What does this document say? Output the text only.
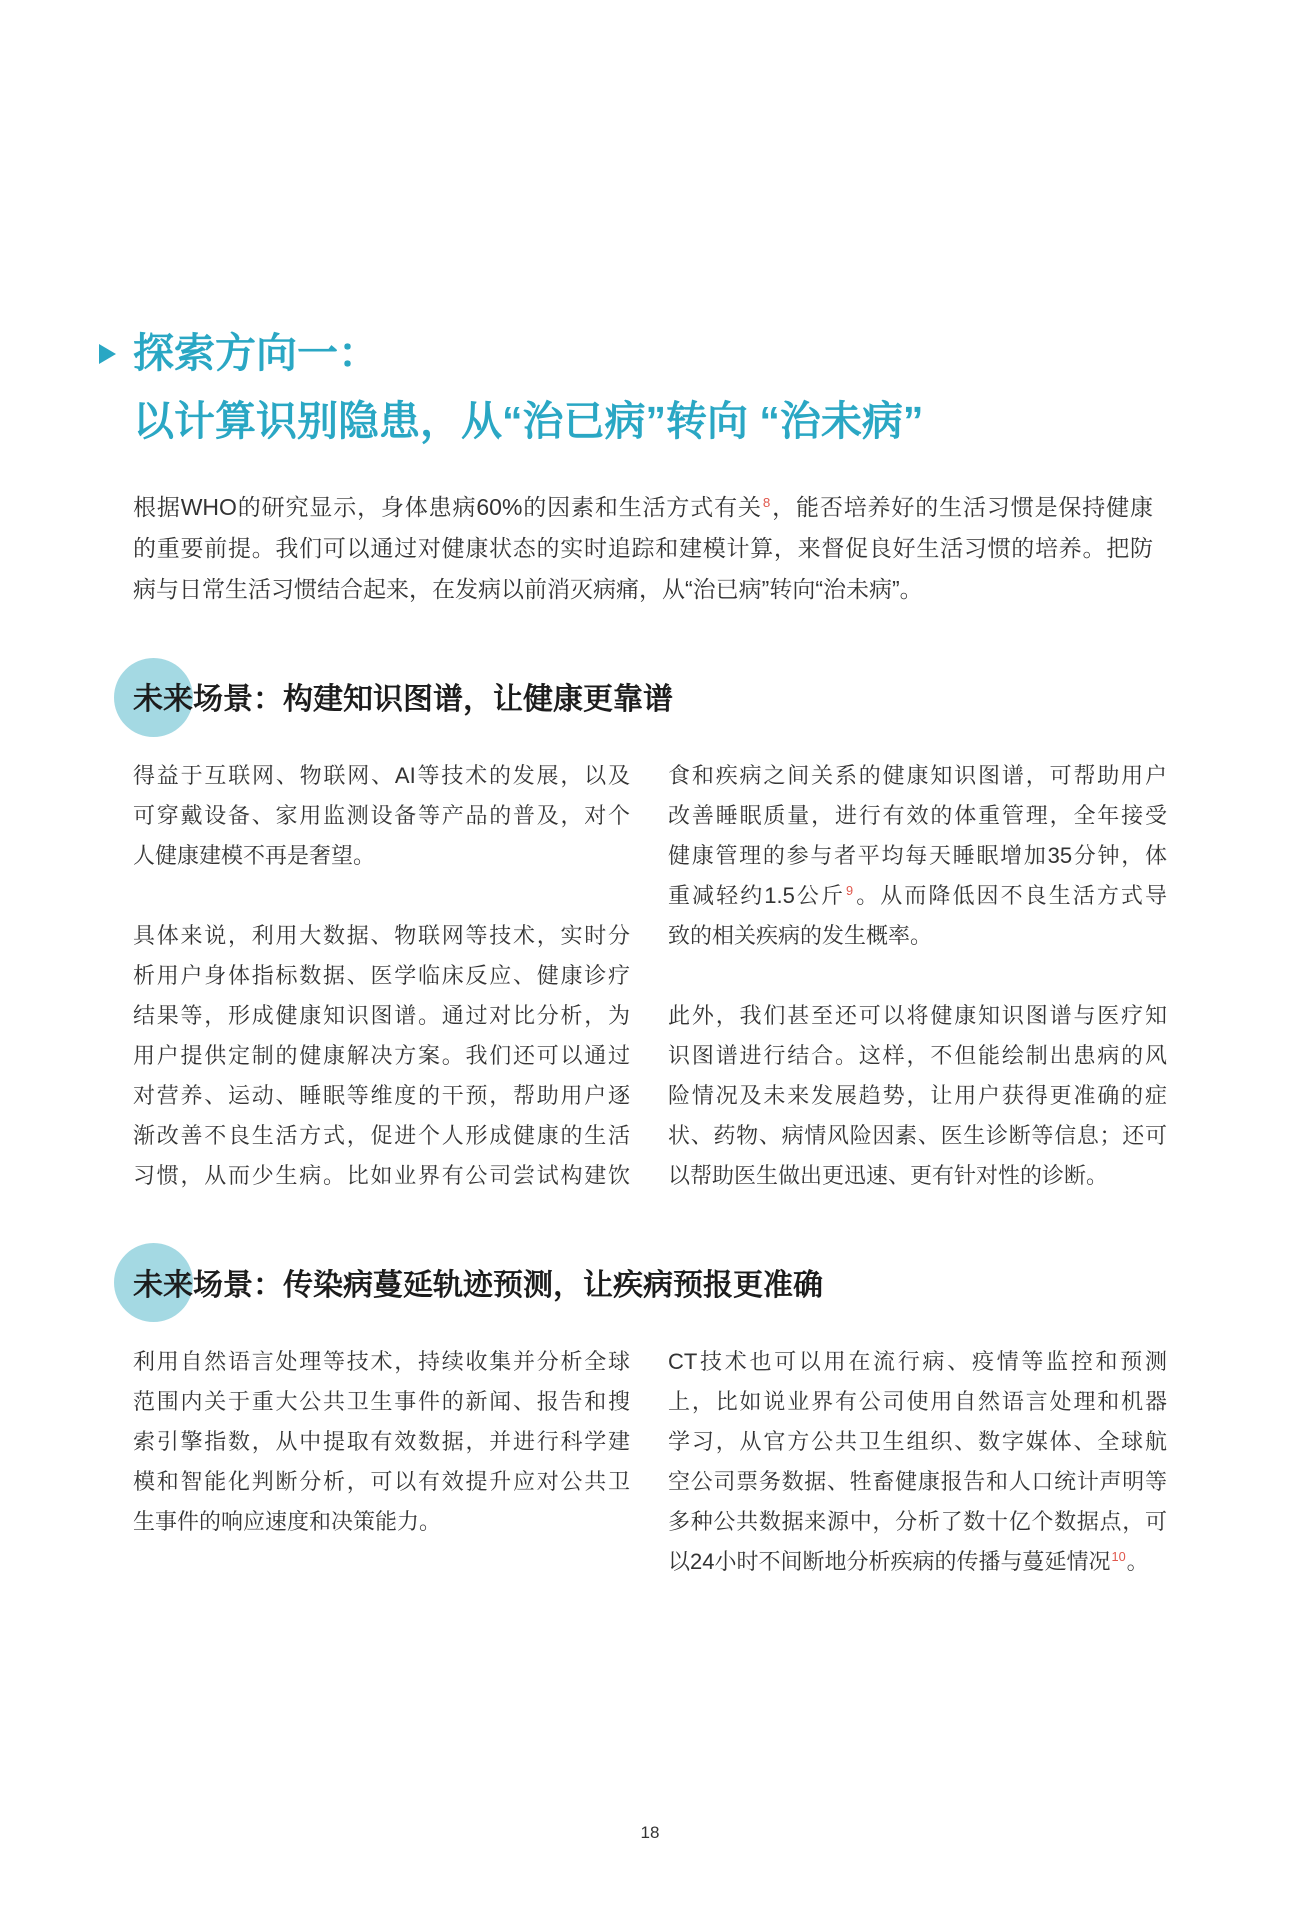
探索方向一：
以计算识别隐患，从“治已病”转向 “治未病”
根据WHO的研究显示，身体患病60%的因素和生活方式有关$^8$，能否培养好的生活习惯是保持健康
的重要前提。我们可以通过对健康状态的实时追踪和建模计算，来督促良好生活习惯的培养。把防
病与日常生活习惯结合起来，在发病以前消灭病痛，从“治已病”转向“治未病”。
未来场景：构建知识图谱，让健康更靠谱
得益于互联网、物联网、AI等技术的发展，以及
可穿戴设备、家用监测设备等产品的普及，对个
人健康建模不再是奢望。
具体来说，利用大数据、物联网等技术，实时分
析用户身体指标数据、医学临床反应、健康诊疗
结果等，形成健康知识图谱。通过对比分析，为
用户提供定制的健康解决方案。我们还可以通过
对营养、运动、睡眠等维度的干预，帮助用户逐
渐改善不良生活方式，促进个人形成健康的生活
习惯，从而少生病。比如业界有公司尝试构建饮
食和疾病之间关系的健康知识图谱，可帮助用户
改善睡眠质量，进行有效的体重管理，全年接受
健康管理的参与者平均每天睡眠增加35分钟，体
重减轻约1.5公斤$^9$。从而降低因不良生活方式导
致的相关疾病的发生概率。
此外，我们甚至还可以将健康知识图谱与医疗知
识图谱进行结合。这样，不但能绘制出患病的风
险情况及未来发展趋势，让用户获得更准确的症
状、药物、病情风险因素、医生诊断等信息；还可
以帮助医生做出更迅速、更有针对性的诊断。
未来场景：传染病蔓延轨迹预测，让疾病预报更准确
利用自然语言处理等技术，持续收集并分析全球
范围内关于重大公共卫生事件的新闻、报告和搜
索引擎指数，从中提取有效数据，并进行科学建
模和智能化判断分析，可以有效提升应对公共卫
生事件的响应速度和决策能力。
CT技术也可以用在流行病、疫情等监控和预测
上，比如说业界有公司使用自然语言处理和机器
学习，从官方公共卫生组织、数字媒体、全球航
空公司票务数据、牲畜健康报告和人口统计声明等
多种公共数据来源中，分析了数十亿个数据点，可
以24小时不间断地分析疾病的传播与蔓延情况$^{10}$。
18
